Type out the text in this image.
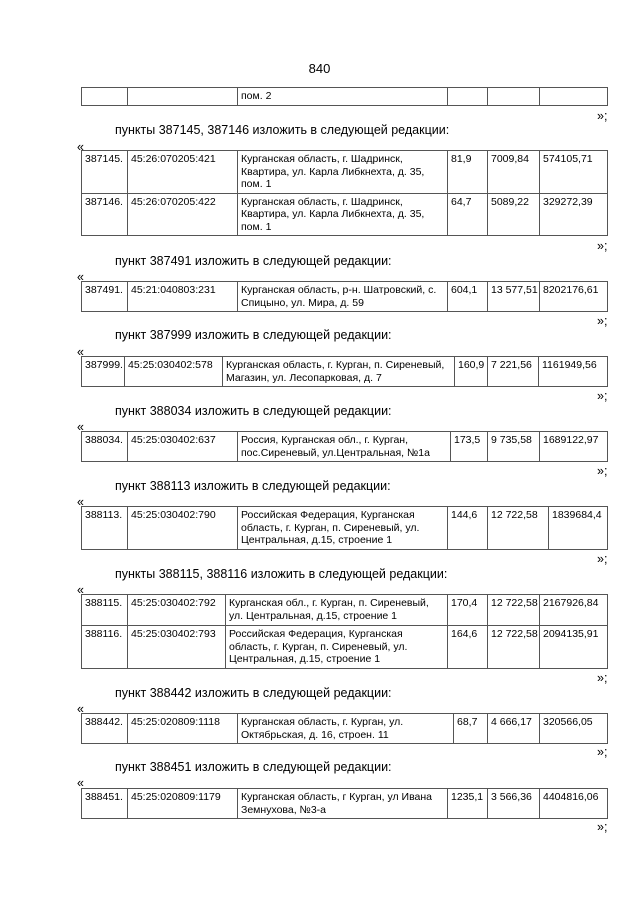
840
		пом. 2			
»;
пункты 387145, 387146 изложить в следующей редакции:
«
387145.	45:26:070205:421	Курганская область, г. Шадринск, Квартира, ул. Карла Либкнехта, д. 35, пом. 1	81,9	7009,84	574105,71
387146.	45:26:070205:422	Курганская область, г. Шадринск, Квартира, ул. Карла Либкнехта, д. 35, пом. 1	64,7	5089,22	329272,39
»;
пункт 387491 изложить в следующей редакции:
«
387491.	45:21:040803:231	Курганская область, р-н. Шатровский, с. Спицыно, ул. Мира, д. 59	604,1	13 577,51	8202176,61
»;
пункт 387999 изложить в следующей редакции:
«
387999.	45:25:030402:578	Курганская область, г. Курган, п. Сиреневый, Магазин, ул. Лесопарковая, д. 7	160,9	7 221,56	1161949,56
»;
пункт 388034 изложить в следующей редакции:
«
388034.	45:25:030402:637	Россия, Курганская обл., г. Курган, пос.Сиреневый, ул.Центральная, №1а	173,5	9 735,58	1689122,97
»;
пункт 388113 изложить в следующей редакции:
«
388113.	45:25:030402:790	Российская Федерация, Курганская область, г. Курган, п. Сиреневый, ул. Центральная, д.15, строение 1	144,6	12 722,58	1839684,4
»;
пункты 388115, 388116 изложить в следующей редакции:
«
388115.	45:25:030402:792	Курганская обл., г. Курган, п. Сиреневый, ул. Центральная, д.15, строение 1	170,4	12 722,58	2167926,84
388116.	45:25:030402:793	Российская Федерация, Курганская область, г. Курган, п. Сиреневый, ул. Центральная, д.15, строение 1	164,6	12 722,58	2094135,91
»;
пункт 388442 изложить в следующей редакции:
«
388442.	45:25:020809:1118	Курганская область, г. Курган, ул. Октябрьская, д. 16, строен. 11	68,7	4 666,17	320566,05
»;
пункт 388451 изложить в следующей редакции:
«
388451.	45:25:020809:1179	Курганская область, г Курган, ул Ивана Земнухова, №3-а	1235,1	3 566,36	4404816,06
»;
